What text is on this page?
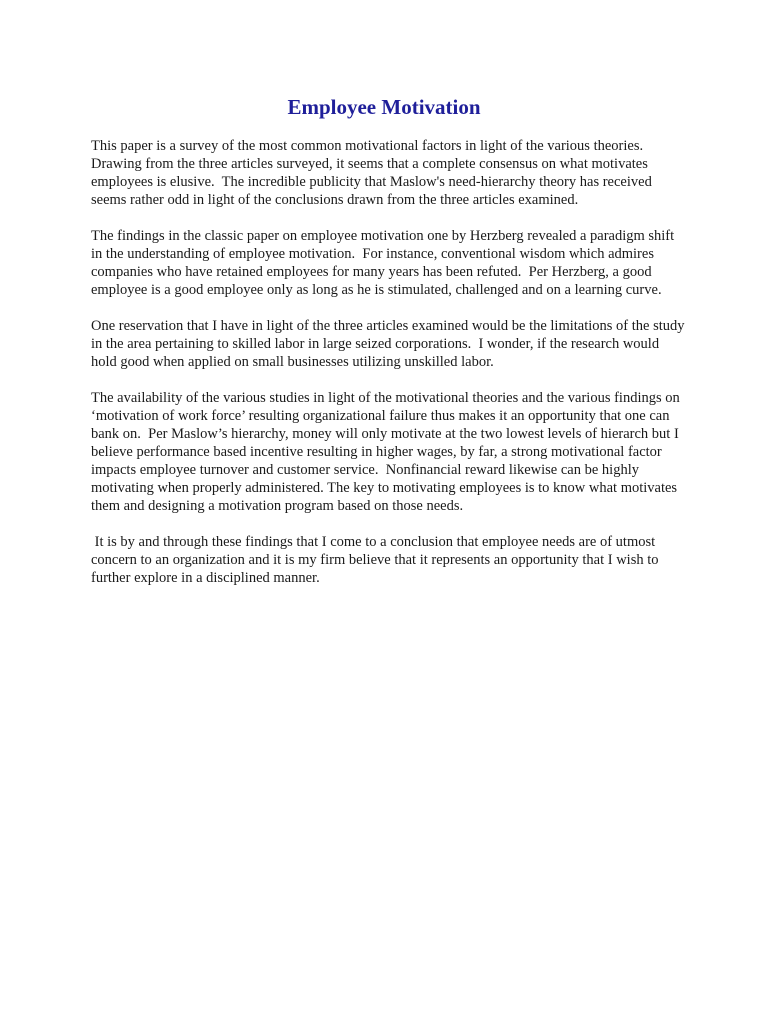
Employee Motivation

This paper is a survey of the most common motivational factors in light of the various theories. Drawing from the three articles surveyed, it seems that a complete consensus on what motivates employees is elusive.  The incredible publicity that Maslow's need-hierarchy theory has received seems rather odd in light of the conclusions drawn from the three articles examined.

The findings in the classic paper on employee motivation one by Herzberg revealed a paradigm shift in the understanding of employee motivation.  For instance, conventional wisdom which admires companies who have retained employees for many years has been refuted.  Per Herzberg, a good employee is a good employee only as long as he is stimulated, challenged and on a learning curve.

One reservation that I have in light of the three articles examined would be the limitations of the study in the area pertaining to skilled labor in large seized corporations.  I wonder, if the research would hold good when applied on small businesses utilizing unskilled labor.

The availability of the various studies in light of the motivational theories and the various findings on ‘motivation of work force’ resulting organizational failure thus makes it an opportunity that one can bank on.  Per Maslow’s hierarchy, money will only motivate at the two lowest levels of hierarch but I believe performance based incentive resulting in higher wages, by far, a strong motivational factor impacts employee turnover and customer service.  Nonfinancial reward likewise can be highly motivating when properly administered. The key to motivating employees is to know what motivates them and designing a motivation program based on those needs.

It is by and through these findings that I come to a conclusion that employee needs are of utmost concern to an organization and it is my firm believe that it represents an opportunity that I wish to further explore in a disciplined manner.
